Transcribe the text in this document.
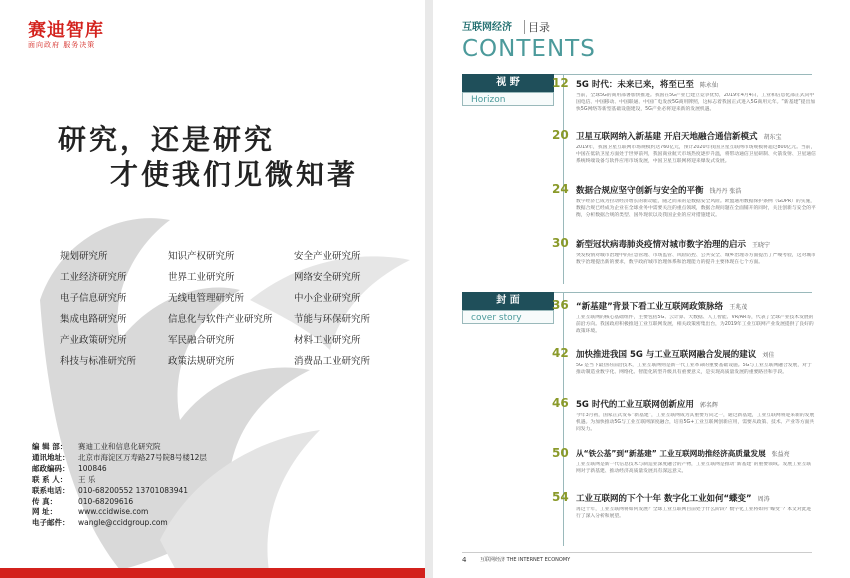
赛迪智库
面向政府 服务决策
研究，还是研究
才使我们见微知著
规划研究所	知识产权研究所	安全产业研究所
工业经济研究所	世界工业研究所	网络安全研究所
电子信息研究所	无线电管理研究所	中小企业研究所
集成电路研究所	信息化与软件产业研究所	节能与环保研究所
产业政策研究所	军民融合研究所	材料工业研究所
科技与标准研究所	政策法规研究所	消费品工业研究所
编 辑 部： 赛迪工业和信息化研究院
通讯地址： 北京市海淀区万寿路27号院8号楼12层
邮政编码： 100846
联 系 人： 王 乐
联系电话： 010-68200552 13701083941
传 真：	010-68209616
网 址：	www.ccidwise.com
电子邮件： wangle@ccidgroup.com
互联网经济 目录
CONTENTS
视 野
Horizon
封 面
cover story
12 5G 时代：未来已来，将至已至 陈永仙
当前，全球5G的商用部署加快推进。我国在5G产业已建立竞争优势，2019年4月4日，工业和信息化部正式向中国电信、中国移动、中国联通、中国广电发放5G商用牌照，这标志着我国正式进入5G商用元年。“新基建”提出加快5G网络等新型基础设施建设，5G产业必将迎来新的发展机遇。
20 卫星互联网纳入新基建 开启天地融合通信新模式 胡东宝
2019年，我国卫星互联网市场规模约达760亿元，预计2020年我国卫星互联网市场规模将超过800亿元。当前，中国在低轨卫星方面处于世界前列，我国商业航天市场热度逐步升温，将带动通信卫星研制、火箭发射、卫星通信系统终端设备与软件应用市场发展，中国卫星互联网将迎来爆发式发展。
24 数据合规应坚守创新与安全的平衡 钱丹丹 张浩
数字经济已成为拉动经济增长的新动能，随之而来的是数据安全风险。欧盟通用数据保护条例（GDPR）的实施，数据合规已经成为企业在全球业务中需要关注的重点领域，数据合规问题在全面铺开的同时，关注创新与安全的平衡，分析数据合规的类型、国外现状以及我国企业的应对措施建议。
30 新型冠状病毒肺炎疫情对城市数字治理的启示 王晓宁
突发疫情对城市治理中的应急管理、市场监管、风险防控、公共安全、城乡治理等方面提出了严峻考验，这对城市数字治理提出新的要求，数字政府城市治理体系和治理能力的提升主要体现在七个方面。
36 “新基建”背景下看工业互联网政策脉络 王兆茂
工业互联网的核心基础组件，主要包括5G、云计算、大数据、人工智能、VR/AR等，代表了全球产业技术发展的前沿方向。我国政府积极推进工业互联网发展，相关政策密集出台，为2019年工业互联网产业发展提供了良好的政策环境。
42 加快推进我国 5G 与工业互联网融合发展的建议 刘佳
5G 是当下最热的前沿技术，工业互联网则是新一代工业革命的重要基础设施。5G与工业互联网融合发展，对于推动制造业数字化、网络化、智能化转型升级具有重要意义，是实现高质量发展的重要路径和手段。
46 5G 时代的工业互联网创新应用 郭名辉
今年3月初，国家正式发布“新基建”，工业互联网成为其重要方向之一，通过新基建，工业互联网将迎来新的发展机遇。为加快推动5G与工业互联网深度融合，培育5G+工业互联网创新应用，需要从政策、技术、产业等方面共同发力。
50 从“铁公基”到“新基建” 工业互联网助推经济高质量发展 张益亮
工业互联网是新一代信息技术与制造业深度融合的产物，工业互联网是推动“新基建”的重要领域。发展工业互联网对于新基建、推动经济高质量发展具有深远意义。
54 工业互联网的下个十年 数字化工业如何“蝶变” 周涛
再过十年，工业互联网将如何发展？全球工业互联网目前处于什么阶段？数字化工业将如何“蝶变”？本文对此进行了深入分析和展望。
4	互联网经济 THE INTERNET ECONOMY
